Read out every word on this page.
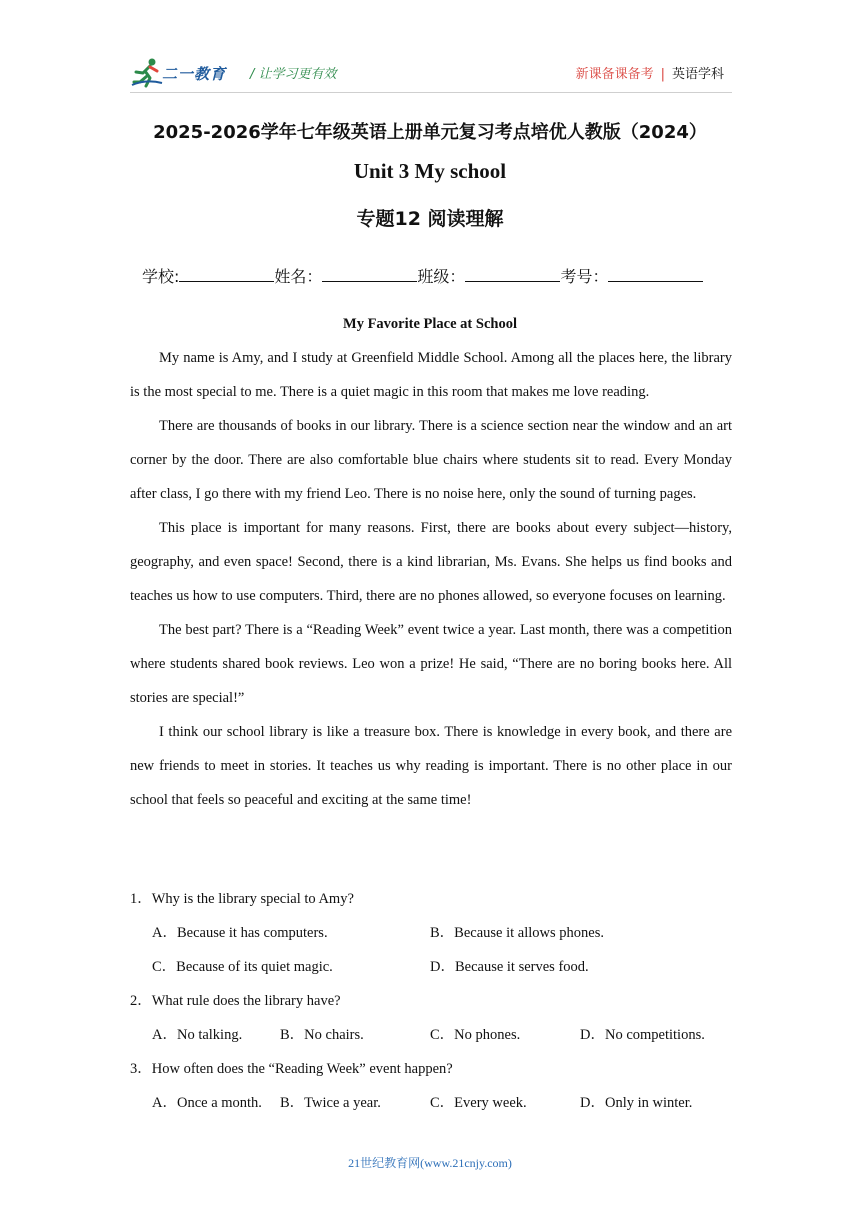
二一教育 / 让学习更有效	新课备课备考 | 英语学科
2025-2026学年七年级英语上册单元复习考点培优人教版（2024）
Unit 3 My school
专题12 阅读理解
学校:	姓名：	班级：	考号：
My Favorite Place at School

My name is Amy, and I study at Greenfield Middle School. Among all the places here, the library is the most special to me. There is a quiet magic in this room that makes me love reading.

There are thousands of books in our library. There is a science section near the window and an art corner by the door. There are also comfortable blue chairs where students sit to read. Every Monday after class, I go there with my friend Leo. There is no noise here, only the sound of turning pages.

This place is important for many reasons. First, there are books about every subject—history, geography, and even space! Second, there is a kind librarian, Ms. Evans. She helps us find books and teaches us how to use computers. Third, there are no phones allowed, so everyone focuses on learning.

The best part? There is a “Reading Week” event twice a year. Last month, there was a competition where students shared book reviews. Leo won a prize! He said, “There are no boring books here. All stories are special!”

I think our school library is like a treasure box. There is knowledge in every book, and there are new friends to meet in stories. It teaches us why reading is important. There is no other place in our school that feels so peaceful and exciting at the same time!

1．Why is the library special to Amy?
A．Because it has computers.	B．Because it allows phones.
C．Because of its quiet magic.	D．Because it serves food.
2．What rule does the library have?
A．No talking.	B．No chairs.	C．No phones.	D．No competitions.
3．How often does the “Reading Week” event happen?
A．Once a month. B．Twice a year.	C．Every week.	D．Only in winter.
21世纪教育网(www.21cnjy.com)
